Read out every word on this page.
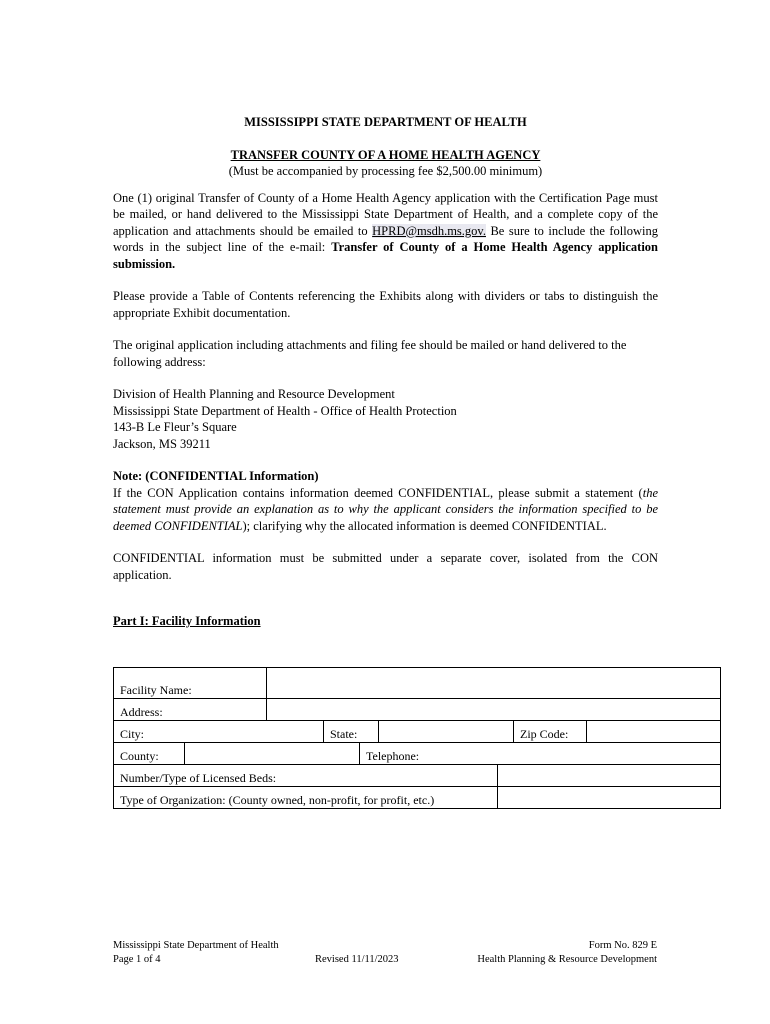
MISSISSIPPI STATE DEPARTMENT OF HEALTH

TRANSFER COUNTY OF A HOME HEALTH AGENCY

(Must be accompanied by processing fee $2,500.00 minimum)

One (1) original Transfer of County of a Home Health Agency application with the Certification Page must be mailed, or hand delivered to the Mississippi State Department of Health, and a complete copy of the application and attachments should be emailed to HPRD@msdh.ms.gov. Be sure to include the following words in the subject line of the e-mail: Transfer of County of a Home Health Agency application submission.

Please provide a Table of Contents referencing the Exhibits along with dividers or tabs to distinguish the appropriate Exhibit documentation.

The original application including attachments and filing fee should be mailed or hand delivered to the following address:

Division of Health Planning and Resource Development

Mississippi State Department of Health - Office of Health Protection

143-B Le Fleur’s Square

Jackson, MS 39211

Note: (CONFIDENTIAL Information)

If the CON Application contains information deemed CONFIDENTIAL, please submit a statement (the statement must provide an explanation as to why the applicant considers the information specified to be deemed CONFIDENTIAL); clarifying why the allocated information is deemed CONFIDENTIAL.

CONFIDENTIAL information must be submitted under a separate cover, isolated from the CON application.

Part I: Facility Information

Facility Name:	
Address:	

City:	State:		Zip Code:	

County:		Telephone:

Number/Type of Licensed Beds:	

Type of Organization: (County owned, non-profit, for profit, etc.)	
Mississippi State Department of Health
Page 1 of 4	Revised 11/11/2023
Form No. 829 E
Health Planning & Resource Development
